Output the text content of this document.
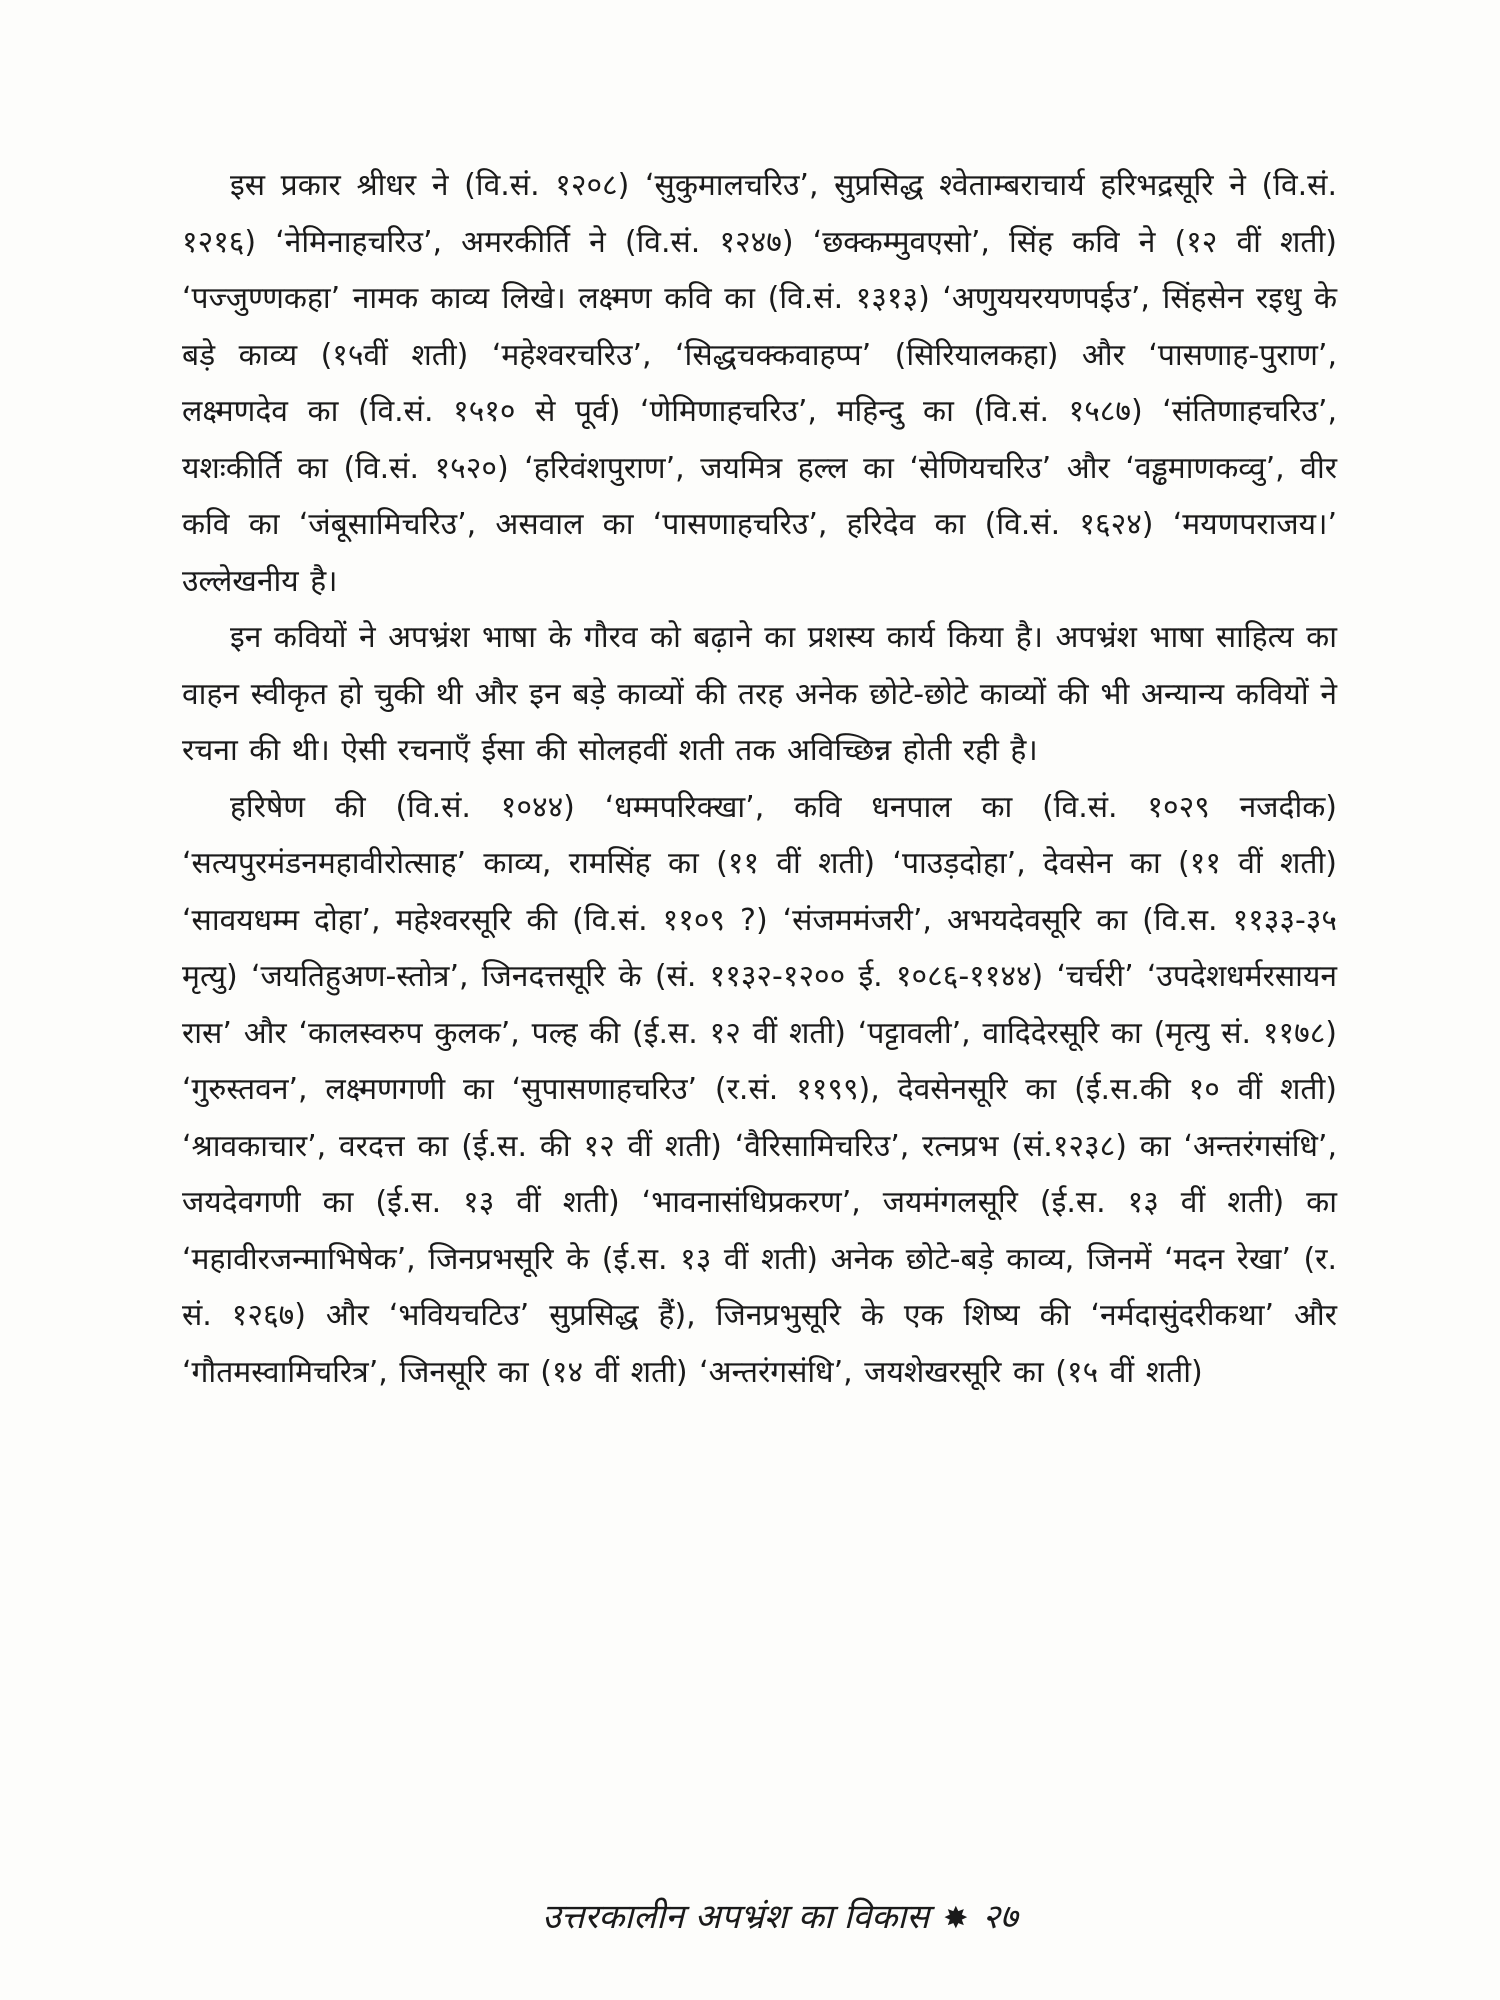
इस प्रकार श्रीधर ने (वि.सं. १२०८) ‘सुकुमालचरिउ’, सुप्रसिद्ध श्वेताम्बराचार्य हरिभद्रसूरि ने (वि.सं. १२१६) ‘नेमिनाहचरिउ’, अमरकीर्ति ने (वि.सं. १२४७) ‘छक्कम्मुवएसो’, सिंह कवि ने (१२ वीं शती) ‘पज्जुण्णकहा’ नामक काव्य लिखे। लक्ष्मण कवि का (वि.सं. १३१३) ‘अणुययरयणपईउ’, सिंहसेन रइधु के बड़े काव्य (१५वीं शती) ‘महेश्वरचरिउ’, ‘सिद्धचक्कवाहप्प’ (सिरियालकहा) और ‘पासणाह-पुराण’, लक्ष्मणदेव का (वि.सं. १५१० से पूर्व) ‘णेमिणाहचरिउ’, महिन्दु का (वि.सं. १५८७) ‘संतिणाहचरिउ’, यशःकीर्ति का (वि.सं. १५२०) ‘हरिवंशपुराण’, जयमित्र हल्ल का ‘सेणियचरिउ’ और ‘वड्ढमाणकव्वु’, वीर कवि का ‘जंबूसामिचरिउ’, असवाल का ‘पासणाहचरिउ’, हरिदेव का (वि.सं. १६२४) ‘मयणपराजय।’ उल्लेखनीय है।

इन कवियों ने अपभ्रंश भाषा के गौरव को बढ़ाने का प्रशस्य कार्य किया है। अपभ्रंश भाषा साहित्य का वाहन स्वीकृत हो चुकी थी और इन बड़े काव्यों की तरह अनेक छोटे-छोटे काव्यों की भी अन्यान्य कवियों ने रचना की थी। ऐसी रचनाएँ ईसा की सोलहवीं शती तक अविच्छिन्न होती रही है।

हरिषेण की (वि.सं. १०४४) ‘धम्मपरिक्खा’, कवि धनपाल का (वि.सं. १०२९ नजदीक) ‘सत्यपुरमंडनमहावीरोत्साह’ काव्य, रामसिंह का (११ वीं शती) ‘पाउड़दोहा’, देवसेन का (११ वीं शती) ‘सावयधम्म दोहा’, महेश्वरसूरि की (वि.सं. ११०९ ?) ‘संजममंजरी’, अभयदेवसूरि का (वि.स. ११३३-३५ मृत्यु) ‘जयतिहुअण-स्तोत्र’, जिनदत्तसूरि के (सं. ११३२-१२०० ई. १०८६-११४४) ‘चर्चरी’ ‘उपदेशधर्मरसायन रास’ और ‘कालस्वरुप कुलक’, पल्ह की (ई.स. १२ वीं शती) ‘पट्टावली’, वादिदेरसूरि का (मृत्यु सं. ११७८) ‘गुरुस्तवन’, लक्ष्मणगणी का ‘सुपासणाहचरिउ’ (र.सं. ११९९), देवसेनसूरि का (ई.स.की १० वीं शती) ‘श्रावकाचार’, वरदत्त का (ई.स. की १२ वीं शती) ‘वैरिसामिचरिउ’, रत्नप्रभ (सं.१२३८) का ‘अन्तरंगसंधि’, जयदेवगणी का (ई.स. १३ वीं शती) ‘भावनासंधिप्रकरण’, जयमंगलसूरि (ई.स. १३ वीं शती) का ‘महावीरजन्माभिषेक’, जिनप्रभसूरि के (ई.स. १३ वीं शती) अनेक छोटे-बड़े काव्य, जिनमें ‘मदन रेखा’ (र. सं. १२६७) और ‘भवियचटिउ’ सुप्रसिद्ध हैं), जिनप्रभुसूरि के एक शिष्य की ‘नर्मदासुंदरीकथा’ और ‘गौतमस्वामिचरित्र’, जिनसूरि का (१४ वीं शती) ‘अन्तरंगसंधि’, जयशेखरसूरि का (१५ वीं शती)

उत्तरकालीन अपभ्रंश का विकास ✸ २७
